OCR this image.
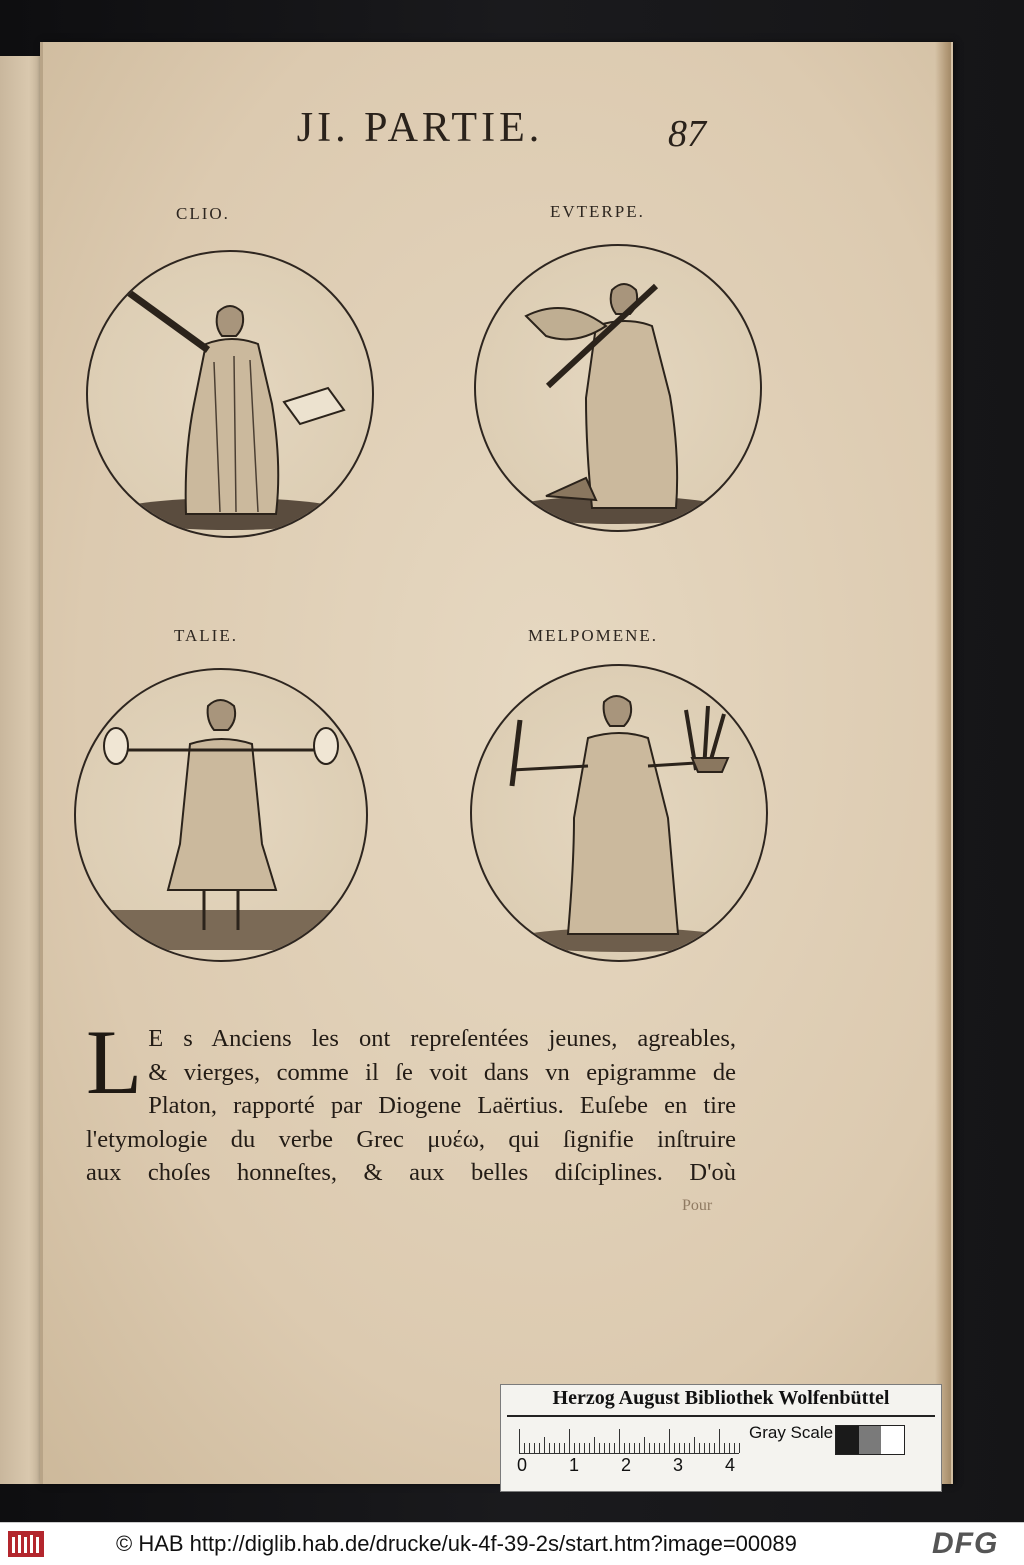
JI. PARTIE.	87
CLIO.	EVTERPE.
TALIE.	MELPOMENE.
L E s Anciens les ont repreſentées jeunes, agreables,
& vierges, comme il ſe voit dans vn epigramme de
Platon, rapporté par Diogene Laërtius. Euſebe en tire
l'etymologie du verbe Grec μυέω, qui ſignifie inſtruire
aux choſes honneſtes, & aux belles diſciplines. D'où
Pour
Herzog August Bibliothek Wolfenbüttel
0 1 2 3 4
Gray Scale
© HAB http://diglib.hab.de/drucke/uk-4f-39-2s/start.htm?image=00089	DFG
